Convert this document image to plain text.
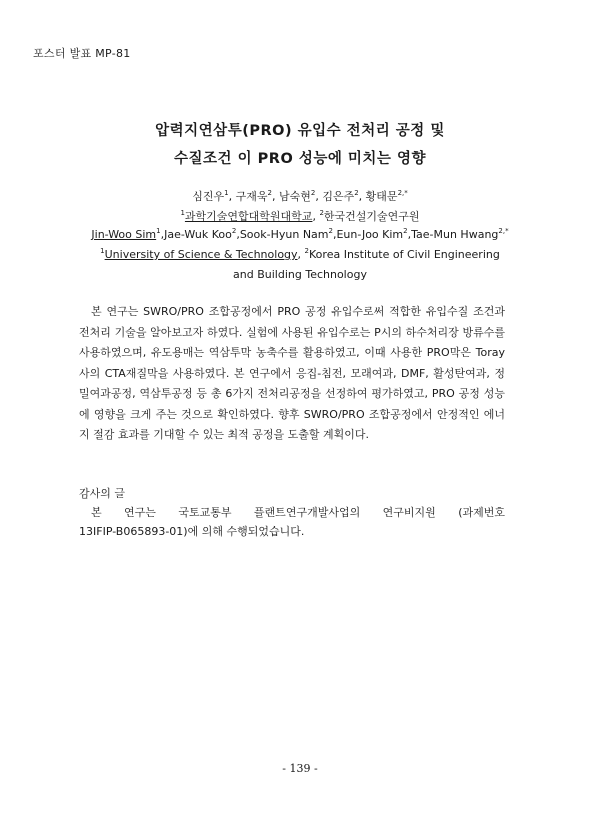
포스터 발표 MP-81
압력지연삼투(PRO) 유입수 전처리 공정 및
수질조건 이 PRO 성능에 미치는 영향
심진우$^1$, 구재욱$^2$, 남숙현$^2$, 김은주$^2$, 황태문$^{2,*}$
$^1$과학기술연합대학원대학교, $^2$한국건설기술연구원
Jin-Woo Sim$^1$,Jae-Wuk Koo$^2$,Sook-Hyun Nam$^2$,Eun-Joo Kim$^2$,Tae-Mun Hwang$^{2,*}$
$^1$University of Science & Technology, $^2$Korea Institute of Civil Engineering
and Building Technology
본 연구는 SWRO/PRO 조합공정에서 PRO 공정 유입수로써 적합한 유입수질 조건과 전처리 기술을 알아보고자 하였다. 실험에 사용된 유입수로는 P시의 하수처리장 방류수를 사용하였으며, 유도용매는 역삼투막 농축수를 활용하였고, 이때 사용한 PRO막은 Toray사의 CTA재질막을 사용하였다. 본 연구에서 응집-침전, 모래여과, DMF, 활성탄여과, 정밀여과공정, 역삼투공정 등 총 6가지 전처리공정을 선정하여 평가하였고, PRO 공정 성능에 영향을 크게 주는 것으로 확인하였다. 향후 SWRO/PRO 조합공정에서 안정적인 에너지 절감 효과를 기대할 수 있는 최적 공정을 도출할 계획이다.
감사의 글
본 연구는 국토교통부 플랜트연구개발사업의 연구비지원 (과제번호
13IFIP-B065893-01)에 의해 수행되었습니다.
- 139 -
